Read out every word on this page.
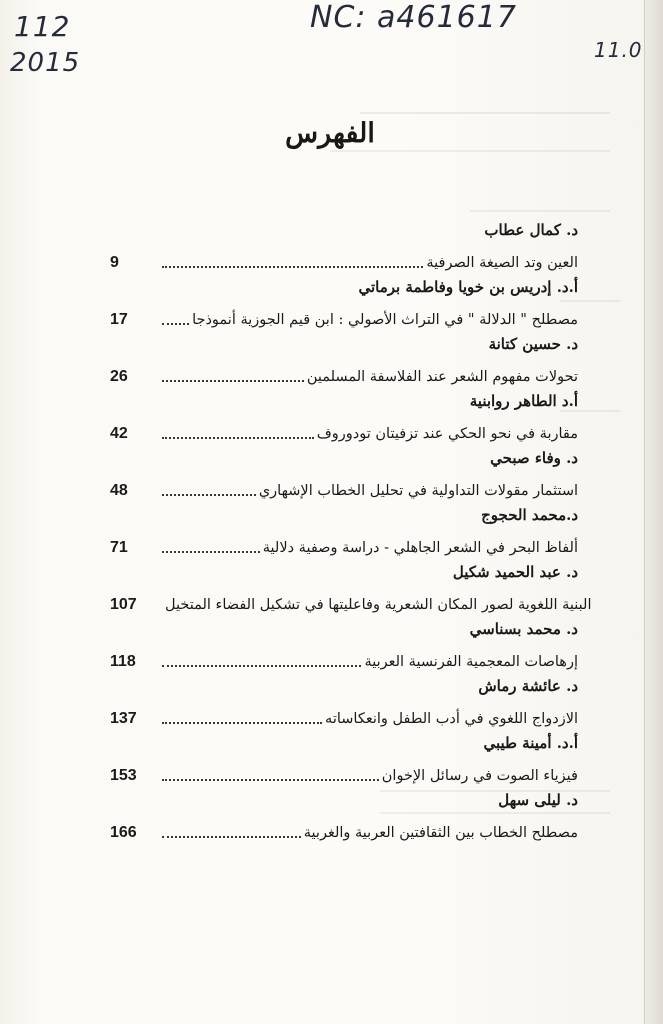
112
2015
NC: a461617
11.0
الفهرس
د. كمال عطاب
9	العين وتد الصيغة الصرفية
أ.د. إدريس بن خويا وفاطمة برماتي
17	مصطلح " الدلالة " في التراث الأصولي : ابن قيم الجوزية أنموذجا
د. حسين كتانة
26	تحولات مفهوم الشعر عند الفلاسفة المسلمين
أ.د الطاهر روابنية
42	مقاربة في نحو الحكي عند تزفيتان تودوروف
د. وفاء صبحي
48	استثمار مقولات التداولية في تحليل الخطاب الإشهاري
د.محمد الحجوج
71	ألفاظ البحر في الشعر الجاهلي - دراسة وصفية دلالية
د. عبد الحميد شكيل
107	البنية اللغوية لصور المكان الشعرية وفاعليتها في تشكيل الفضاء المتخيل
د. محمد بسناسي
118	إرهاصات المعجمية الفرنسية العربية
د. عائشة رماش
137	الازدواج اللغوي في أدب الطفل وانعكاساته
أ.د. أمينة طيبي
153	فيزياء الصوت في رسائل الإخوان
د. ليلى سهل
166	مصطلح الخطاب بين الثقافتين العربية والغربية
